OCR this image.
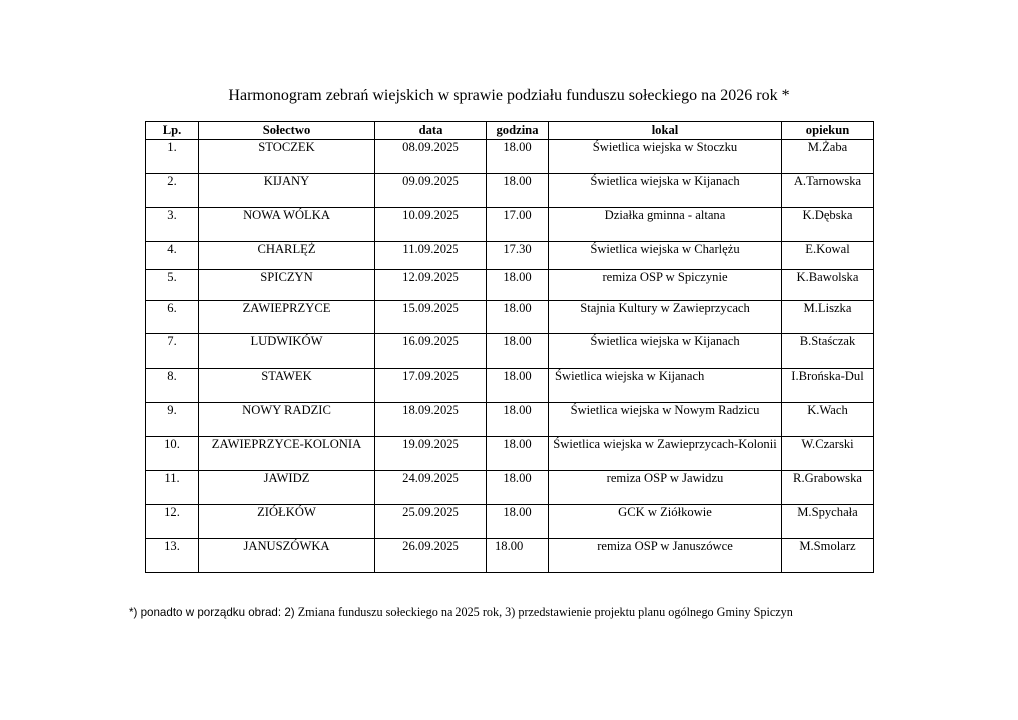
Harmonogram zebrań wiejskich w sprawie podziału funduszu sołeckiego na 2026 rok *
Lp.	Sołectwo	data	godzina	lokal	opiekun
1.	STOCZEK	08.09.2025	18.00	Świetlica wiejska w Stoczku	M.Żaba
2.	KIJANY	09.09.2025	18.00	Świetlica wiejska w Kijanach	A.Tarnowska
3.	NOWA WÓLKA	10.09.2025	17.00	Działka gminna - altana	K.Dębska
4.	CHARLĘŻ	11.09.2025	17.30	Świetlica wiejska w Charlężu	E.Kowal
5.	SPICZYN	12.09.2025	18.00	remiza OSP w Spiczynie	K.Bawolska
6.	ZAWIEPRZYCE	15.09.2025	18.00	Stajnia Kultury w Zawieprzycach	M.Liszka
7.	LUDWIKÓW	16.09.2025	18.00	Świetlica wiejska w Kijanach	B.Staśczak
8.	STAWEK	17.09.2025	18.00	Świetlica wiejska w Kijanach	I.Brońska-Dul
9.	NOWY RADZIC	18.09.2025	18.00	Świetlica wiejska w Nowym Radzicu	K.Wach
10.	ZAWIEPRZYCE-KOLONIA	19.09.2025	18.00	Świetlica wiejska w Zawieprzycach-Kolonii	W.Czarski
11.	JAWIDZ	24.09.2025	18.00	remiza OSP w Jawidzu	R.Grabowska
12.	ZIÓŁKÓW	25.09.2025	18.00	GCK w Ziółkowie	M.Spychała
13.	JANUSZÓWKA	26.09.2025	18.00	remiza OSP w Januszówce	M.Smolarz
*) ponadto w porządku obrad: 2) Zmiana funduszu sołeckiego na 2025 rok, 3) przedstawienie projektu planu ogólnego Gminy Spiczyn
